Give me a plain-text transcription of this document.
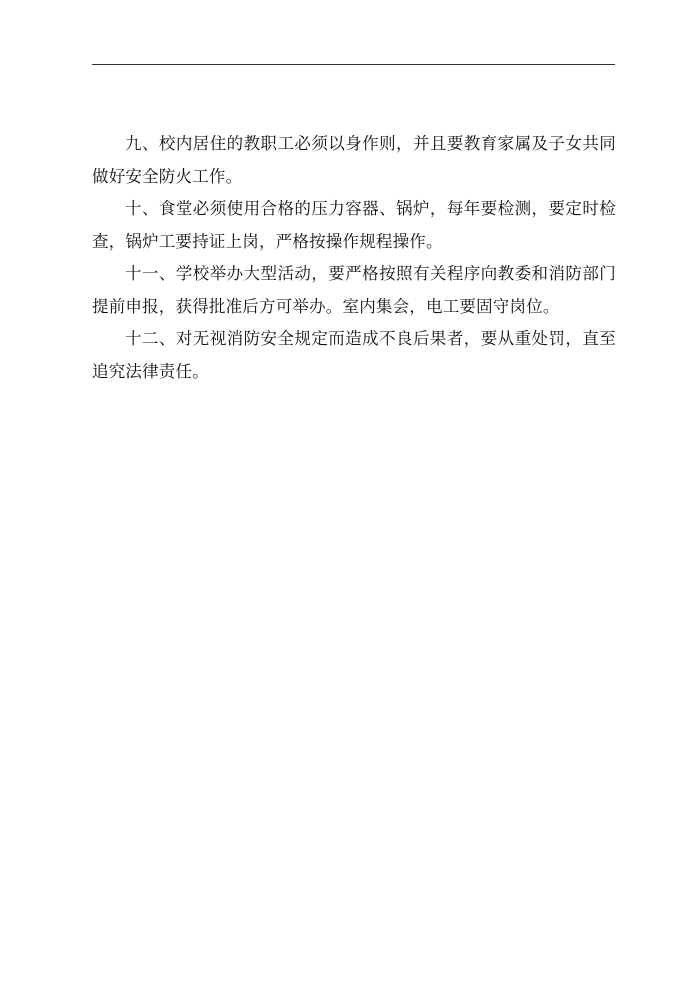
九、校内居住的教职工必须以身作则，并且要教育家属及子女共同做好安全防火工作。

十、食堂必须使用合格的压力容器、锅炉，每年要检测，要定时检查，锅炉工要持证上岗，严格按操作规程操作。

十一、学校举办大型活动，要严格按照有关程序向教委和消防部门提前申报，获得批准后方可举办。室内集会，电工要固守岗位。

十二、对无视消防安全规定而造成不良后果者，要从重处罚，直至追究法律责任。
